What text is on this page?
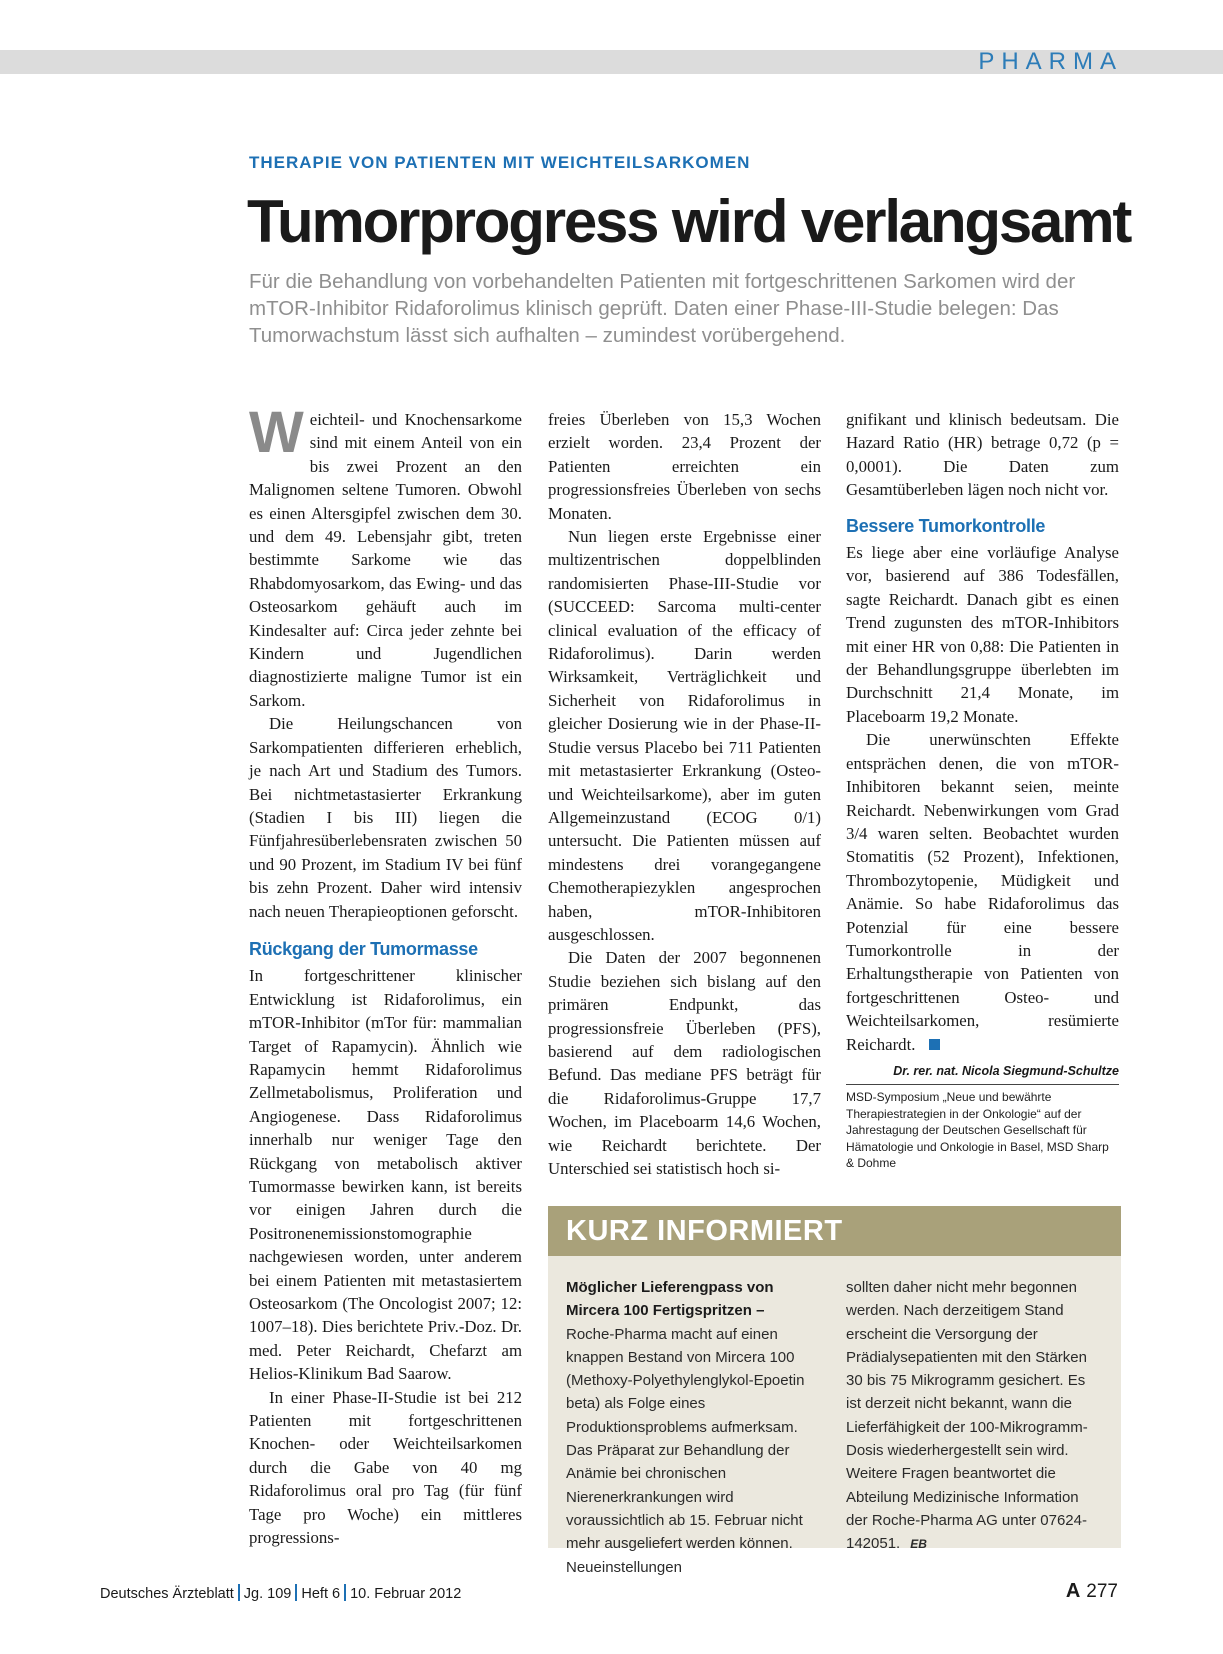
PHARMA
THERAPIE VON PATIENTEN MIT WEICHTEILSARKOMEN
Tumorprogress wird verlangsamt

Für die Behandlung von vorbehandelten Patienten mit fortgeschrittenen Sarkomen wird der mTOR-Inhibitor Ridaforolimus klinisch geprüft. Daten einer Phase-III-Studie belegen: Das Tumorwachstum lässt sich aufhalten – zumindest vorübergehend.

Weichteil- und Knochensarkome sind mit einem Anteil von ein bis zwei Prozent an den Malignomen seltene Tumoren. Obwohl es einen Altersgipfel zwischen dem 30. und dem 49. Lebensjahr gibt, treten bestimmte Sarkome wie das Rhabdomyosarkom, das Ewing- und das Osteosarkom gehäuft auch im Kindesalter auf: Circa jeder zehnte bei Kindern und Jugendlichen diagnostizierte maligne Tumor ist ein Sarkom.

Die Heilungschancen von Sarkompatienten differieren erheblich, je nach Art und Stadium des Tumors. Bei nichtmetastasierter Erkrankung (Stadien I bis III) liegen die Fünfjahresüberlebensraten zwischen 50 und 90 Prozent, im Stadium IV bei fünf bis zehn Prozent. Daher wird intensiv nach neuen Therapieoptionen geforscht.

Rückgang der Tumormasse

In fortgeschrittener klinischer Entwicklung ist Ridaforolimus, ein mTOR-Inhibitor (mTor für: mammalian Target of Rapamycin). Ähnlich wie Rapamycin hemmt Ridaforolimus Zellmetabolismus, Proliferation und Angiogenese. Dass Ridaforolimus innerhalb nur weniger Tage den Rückgang von metabolisch aktiver Tumormasse bewirken kann, ist bereits vor einigen Jahren durch die Positronenemissionstomographie nachgewiesen worden, unter anderem bei einem Patienten mit metastasiertem Osteosarkom (The Oncologist 2007; 12: 1007–18). Dies berichtete Priv.-Doz. Dr. med. Peter Reichardt, Chefarzt am Helios-Klinikum Bad Saarow.

In einer Phase-II-Studie ist bei 212 Patienten mit fortgeschrittenen Knochen- oder Weichteilsarkomen durch die Gabe von 40 mg Ridaforolimus oral pro Tag (für fünf Tage pro Woche) ein mittleres progressions-

freies Überleben von 15,3 Wochen erzielt worden. 23,4 Prozent der Patienten erreichten ein progressionsfreies Überleben von sechs Monaten.

Nun liegen erste Ergebnisse einer multizentrischen doppelblinden randomisierten Phase-III-Studie vor (SUCCEED: Sarcoma multi-center clinical evaluation of the efficacy of Ridaforolimus). Darin werden Wirksamkeit, Verträglichkeit und Sicherheit von Ridaforolimus in gleicher Dosierung wie in der Phase-II-Studie versus Placebo bei 711 Patienten mit metastasierter Erkrankung (Osteo- und Weichteilsarkome), aber im guten Allgemeinzustand (ECOG 0/1) untersucht. Die Patienten müssen auf mindestens drei vorangegangene Chemotherapiezyklen angesprochen haben, mTOR-Inhibitoren ausgeschlossen.

Die Daten der 2007 begonnenen Studie beziehen sich bislang auf den primären Endpunkt, das progressionsfreie Überleben (PFS), basierend auf dem radiologischen Befund. Das mediane PFS beträgt für die Ridaforolimus-Gruppe 17,7 Wochen, im Placeboarm 14,6 Wochen, wie Reichardt berichtete. Der Unterschied sei statistisch hoch si-

gnifikant und klinisch bedeutsam. Die Hazard Ratio (HR) betrage 0,72 (p = 0,0001). Die Daten zum Gesamtüberleben lägen noch nicht vor.

Bessere Tumorkontrolle

Es liege aber eine vorläufige Analyse vor, basierend auf 386 Todesfällen, sagte Reichardt. Danach gibt es einen Trend zugunsten des mTOR-Inhibitors mit einer HR von 0,88: Die Patienten in der Behandlungsgruppe überlebten im Durchschnitt 21,4 Monate, im Placeboarm 19,2 Monate.

Die unerwünschten Effekte entsprächen denen, die von mTOR-Inhibitoren bekannt seien, meinte Reichardt. Nebenwirkungen vom Grad 3/4 waren selten. Beobachtet wurden Stomatitis (52 Prozent), Infektionen, Thrombozytopenie, Müdigkeit und Anämie. So habe Ridaforolimus das Potenzial für eine bessere Tumorkontrolle in der Erhaltungstherapie von Patienten von fortgeschrittenen Osteo- und Weichteilsarkomen, resümierte Reichardt.

Dr. rer. nat. Nicola Siegmund-Schultze
MSD-Symposium „Neue und bewährte Therapiestrategien in der Onkologie“ auf der Jahrestagung der Deutschen Gesellschaft für Hämatologie und Onkologie in Basel, MSD Sharp & Dohme
KURZ INFORMIERT
Möglicher Lieferengpass von Mircera 100 Fertigspritzen – Roche-Pharma macht auf einen knappen Bestand von Mircera 100 (Methoxy-Polyethylenglykol-Epoetin beta) als Folge eines Produktionsproblems aufmerksam. Das Präparat zur Behandlung der Anämie bei chronischen Nierenerkrankungen wird voraussichtlich ab 15. Februar nicht mehr ausgeliefert werden können. Neueinstellungen
sollten daher nicht mehr begonnen werden. Nach derzeitigem Stand erscheint die Versorgung der Prädialysepatienten mit den Stärken 30 bis 75 Mikrogramm gesichert. Es ist derzeit nicht bekannt, wann die Lieferfähigkeit der 100-Mikrogramm-Dosis wiederhergestellt sein wird. Weitere Fragen beantwortet die Abteilung Medizinische Information der Roche-Pharma AG unter 07624-142051. EB
Deutsches Ärzteblatt Jg. 109 Heft 6 10. Februar 2012	A 277
